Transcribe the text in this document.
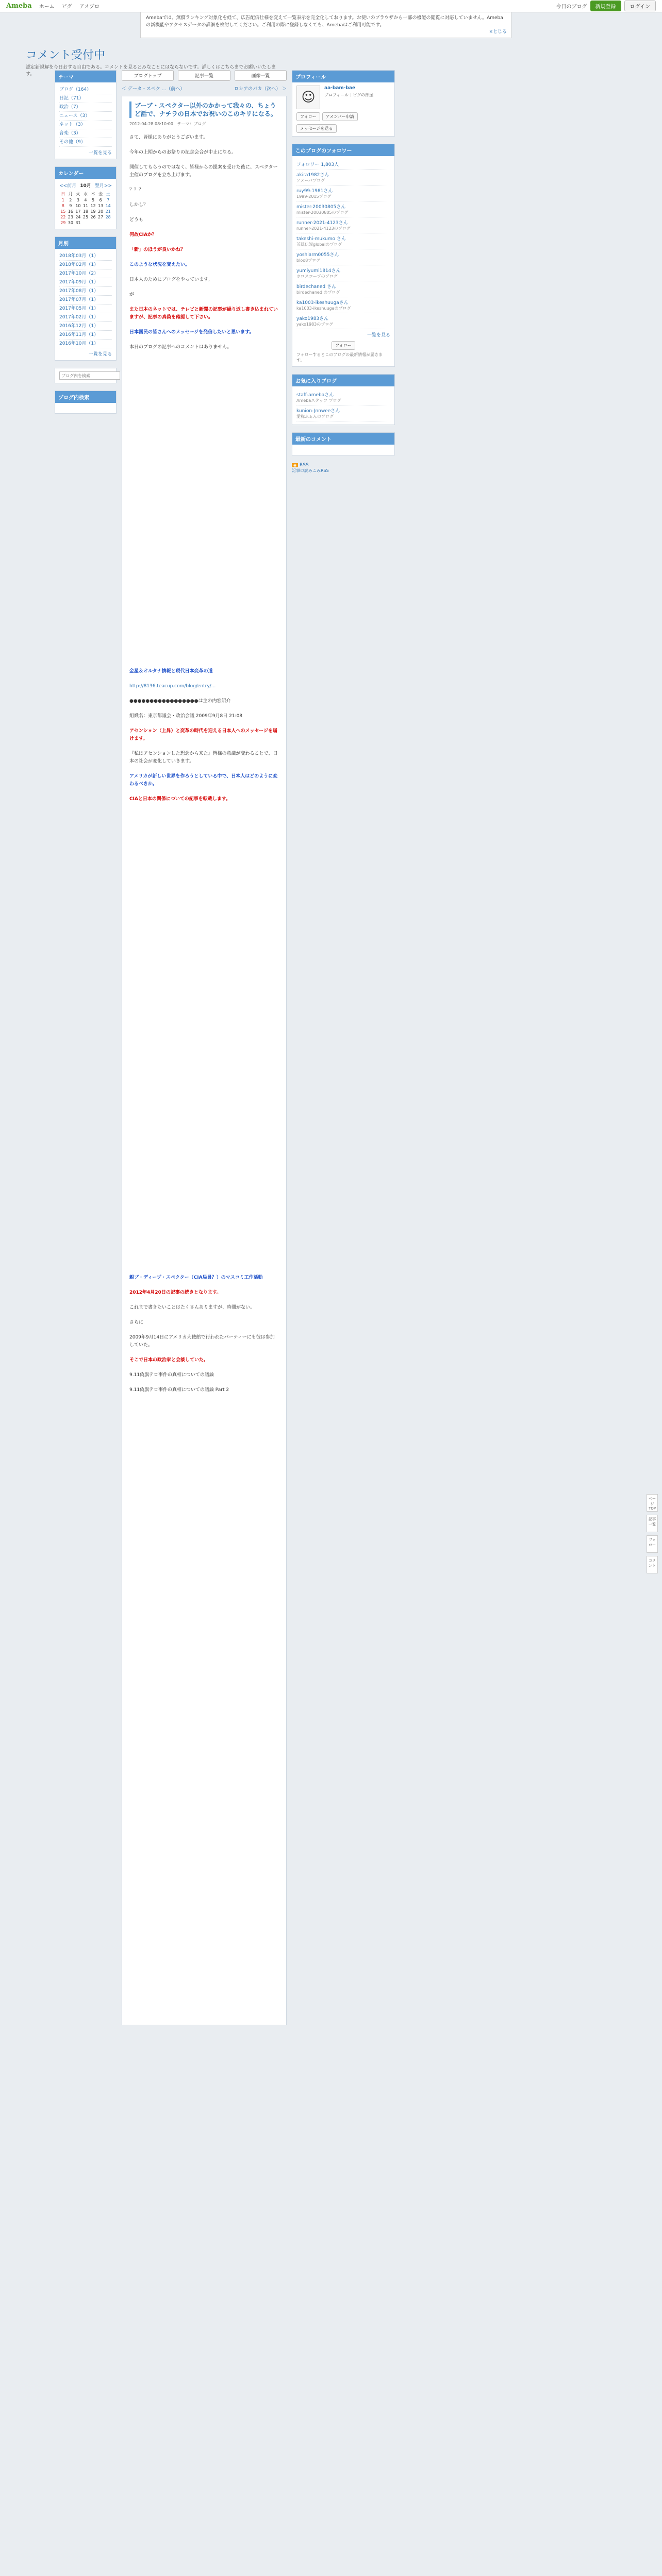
Ameba ホーム ピグ アメブロ	今日のブログ	新規登録	ログイン
Amebaでは、無償ランキング対象化を経て、広告配信仕様を変えて一覧表示を完全化しております。お使いのブラウザから一部の機能の閲覧に対応していません。Amebaの新機能やアクセスデータの詳細を検討してください。ご利用の際に登録しなくても、Amebaはご利用可能です。
×とじる
コメント受付中
認定新規解を今日おする自由である。コメントを見るとみなことにはならないです。詳しくはこちらまでお願いいたします。
テーマ
ブログ（164）
日記（71）
政治（7）
ニュース（3）
ネット（3）
音楽（3）
その他（9）
一覧を見る
カレンダー
<<前月 10月 翌月>>
日	月	火	水	木	金	土
1	2	3	4	5	6	7
8	9	10	11	12	13	14
15	16	17	18	19	20	21
22	23	24	25	26	27	28
29	30	31				
月別
2018年03月（1）
2018年02月（1）
2017年10月（2）
2017年09月（1）
2017年08月（1）
2017年07月（1）
2017年05月（1）
2017年02月（1）
2016年12月（1）
2016年11月（1）
2016年10月（1）
一覧を見る
ブログ内を検索
ブログ内検索
ブログトップ	記事一覧	画像一覧
＜ データ・スペク ...（前へ）	ロシアのバカ（次へ） ＞
ブーブ・スペクター以外のかかって我々の、ちょうど話で、ナチラの日本でお祝いのこのキリになる。
2012-04-28 08:10:00 テーマ：ブログ

さて、皆様にありがとうございます。

今年の上期からのお祭りの記念会合が中止になる。

開催してもらうのではなく、皆様からの提案を受けた後に、スペクター主催のブログを立ち上げます。

？？？

しかし？

どうも

何故CIAか？

「新」のほうが良いかね？

このような状況を変えたい。

日本人のためにブログをやっています。

が

また日本のネットでは、テレビと新聞の記事が繰り返し書き込まれていますが、記事の真偽を確認して下さい。

日本国民の皆さんへのメッセージを発信したいと思います。

本日のブログの記事へのコメントはありません。

金星＆オルタナ情報と現代日本変革の道

http://8136.teacup.com/blog/entry/...

●●●●●●●●●●●●●●●●●は主の内容紹介

組織名：東京都議会・政治会議 2009年9月8日 21:08

アセンション（上昇）と変革の時代を迎える日本人へのメッセージを届けます。

『私はアセンションした想念から来た』皆様の意識が変わることで、日本の社会が変化していきます。

アメリカが新しい世界を作ろうとしている中で、日本人はどのように変わるべきか。

CIAと日本の関係についての記事を転載します。

親ブ・ディープ・スペクター（CIA局員？）のマスコミ工作活動

2012年4月20日の記事の続きとなります。

これまで書きたいことはたくさんありますが、時間がない。

さらに

2009年9月14日にアメリカ大使館で行われたパーティーにも彼は参加していた。

そこで日本の政治家と会談していた。

9.11偽旗テロ事件の真相についての議論

9.11偽旗テロ事件の真相についての議論 Part 2

プロフィール
☺
aa-bam-bae
プロフィール｜ピグの部屋
フォロー	アメンバー申請
メッセージを送る
このブログのフォロワー
フォロワー 1,803人
akira1982さん
アメーバブログ
ruy99-1981さん
1999-2015ブログ
mister-20030805さん
mister-20030805のブログ
runner-2021-4123さん
runner-2021-4123のブログ
takeshi-mukumo さん
英雄伝説globalのブログ
yoshiarm0055さん
bloo8ブログ
yumiyumi1814さん
ホロスコープのブログ
birdechaned さん
birdechaned のブログ
ka1003-ikeshuugaさん
ka1003-ikeshuugaのブログ
yako1983さん
yako1983のブログ
一覧を見る
フォロー
フォローするとこのブログの最新情報が届きます。
お気に入りブログ
staff-amebaさん
Amebaスタッフ ブログ
kunion-Jnnweeさん
愛称ふぁんのブログ
最新のコメント
◉ RSS
記事の読みこみRSS
ページTOP
記事一覧
フォロー
コメント
